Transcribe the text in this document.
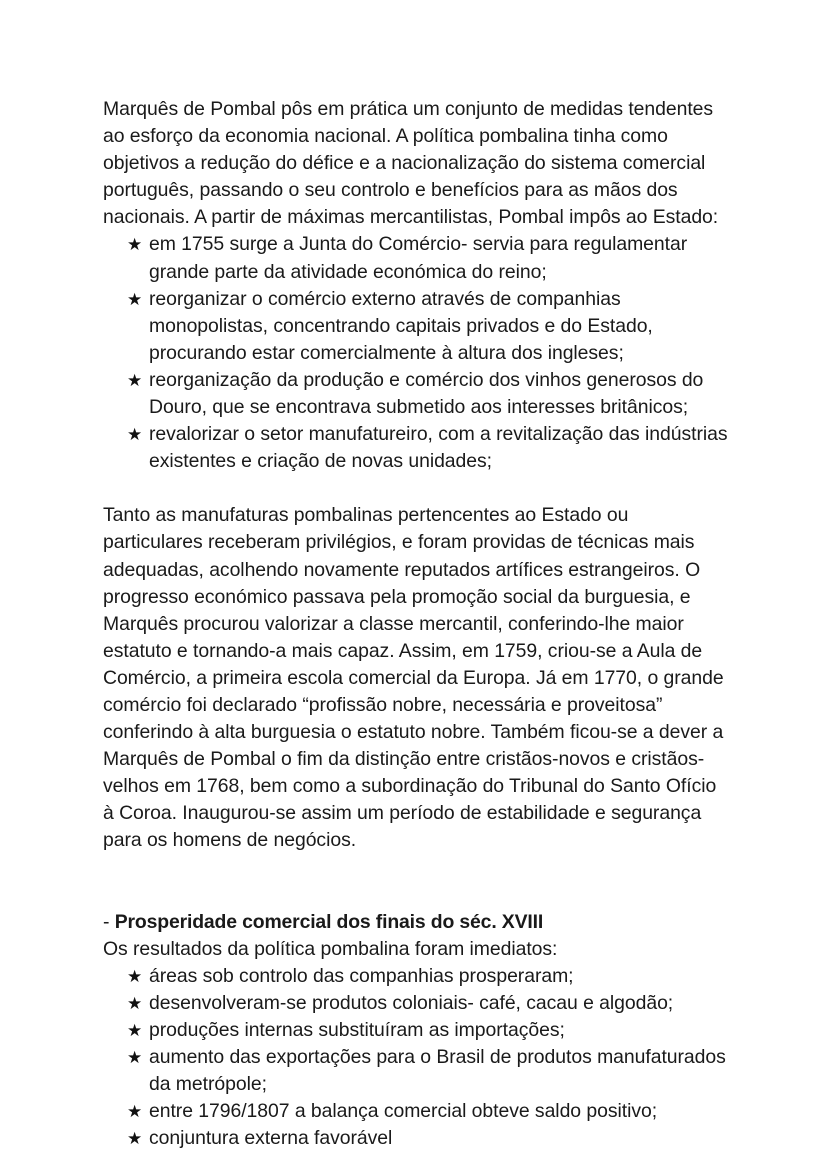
Marquês de Pombal pôs em prática um conjunto de medidas tendentes ao esforço da economia nacional. A política pombalina tinha como objetivos a redução do défice e a nacionalização do sistema comercial português, passando o seu controlo e benefícios para as mãos dos nacionais. A partir de máximas mercantilistas, Pombal impôs ao Estado:

★ em 1755 surge a Junta do Comércio- servia para regulamentar grande parte da atividade económica do reino;
★ reorganizar o comércio externo através de companhias monopolistas, concentrando capitais privados e do Estado, procurando estar comercialmente à altura dos ingleses;
★ reorganização da produção e comércio dos vinhos generosos do Douro, que se encontrava submetido aos interesses britânicos;
★ revalorizar o setor manufatureiro, com a revitalização das indústrias existentes e criação de novas unidades;

Tanto as manufaturas pombalinas pertencentes ao Estado ou particulares receberam privilégios, e foram providas de técnicas mais adequadas, acolhendo novamente reputados artífices estrangeiros. O progresso económico passava pela promoção social da burguesia, e Marquês procurou valorizar a classe mercantil, conferindo-lhe maior estatuto e tornando-a mais capaz. Assim, em 1759, criou-se a Aula de Comércio, a primeira escola comercial da Europa. Já em 1770, o grande comércio foi declarado “profissão nobre, necessária e proveitosa” conferindo à alta burguesia o estatuto nobre. Também ficou-se a dever a Marquês de Pombal o fim da distinção entre cristãos-novos e cristãos-velhos em 1768, bem como a subordinação do Tribunal do Santo Ofício à Coroa. Inaugurou-se assim um período de estabilidade e segurança para os homens de negócios.

- Prosperidade comercial dos finais do séc. XVIII

Os resultados da política pombalina foram imediatos:

★ áreas sob controlo das companhias prosperaram;
★ desenvolveram-se produtos coloniais- café, cacau e algodão;
★ produções internas substituíram as importações;
★ aumento das exportações para o Brasil de produtos manufaturados da metrópole;
★ entre 1796/1807 a balança comercial obteve saldo positivo;
★ conjuntura externa favorável
